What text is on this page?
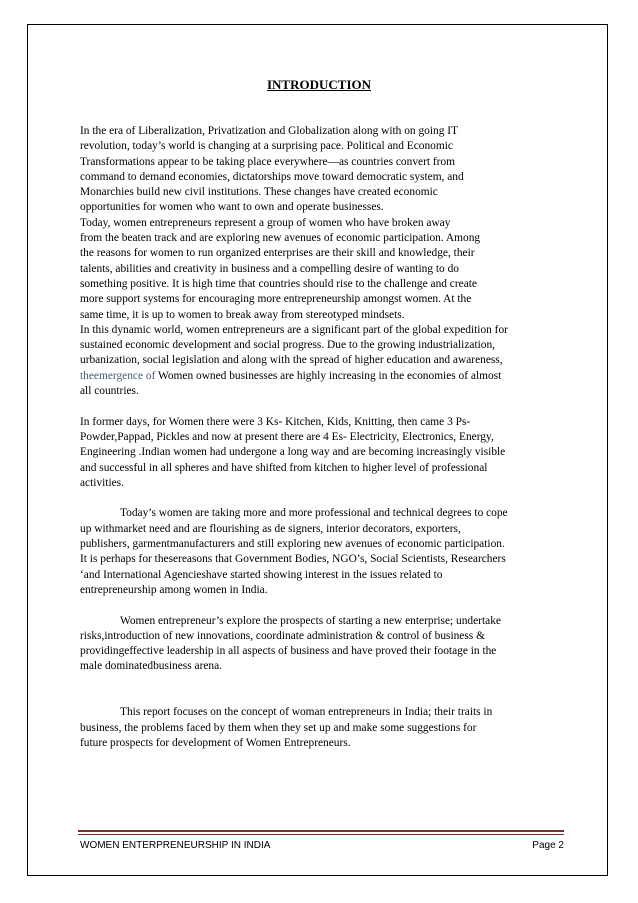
INTRODUCTION
In the era of Liberalization, Privatization and Globalization along with on going IT
revolution, today’s world is changing at a surprising pace. Political and Economic
Transformations appear to be taking place everywhere—as countries convert from
command to demand economies, dictatorships move toward democratic system, and
Monarchies build new civil institutions. These changes have created economic
opportunities for women who want to own and operate businesses.
Today, women entrepreneurs represent a group of women who have broken away
from the beaten track and are exploring new avenues of economic participation. Among
the reasons for women to run organized enterprises are their skill and knowledge, their
talents, abilities and creativity in business and a compelling desire of wanting to do
something positive. It is high time that countries should rise to the challenge and create
more support systems for encouraging more entrepreneurship amongst women. At the
same time, it is up to women to break away from stereotyped mindsets.
In this dynamic world, women entrepreneurs are a significant part of the global expedition for
sustained economic development and social progress. Due to the growing industrialization,
urbanization, social legislation and along with the spread of higher education and awareness,
theemergence of Women owned businesses are highly increasing in the economies of almost
all countries.
In former days, for Women there were 3 Ks- Kitchen, Kids, Knitting, then came 3 Ps-
Powder,Pappad, Pickles and now at present there are 4 Es- Electricity, Electronics, Energy,
Engineering .Indian women had undergone a long way and are becoming increasingly visible
and successful in all spheres and have shifted from kitchen to higher level of professional
activities.
Today’s women are taking more and more professional and technical degrees to cope
up withmarket need and are flourishing as de signers, interior decorators, exporters,
publishers, garmentmanufacturers and still exploring new avenues of economic participation.
It is perhaps for thesereasons that Government Bodies, NGO’s, Social Scientists, Researchers
‘and International Agencieshave started showing interest in the issues related to
entrepreneurship among women in India.
Women entrepreneur’s explore the prospects of starting a new enterprise; undertake
risks,introduction of new innovations, coordinate administration & control of business &
providingeffective leadership in all aspects of business and have proved their footage in the
male dominatedbusiness arena.
This report focuses on the concept of woman entrepreneurs in India; their traits in
business, the problems faced by them when they set up and make some suggestions for
future prospects for development of Women Entrepreneurs.
WOMEN ENTERPRENEURSHIP IN INDIA	Page 2
